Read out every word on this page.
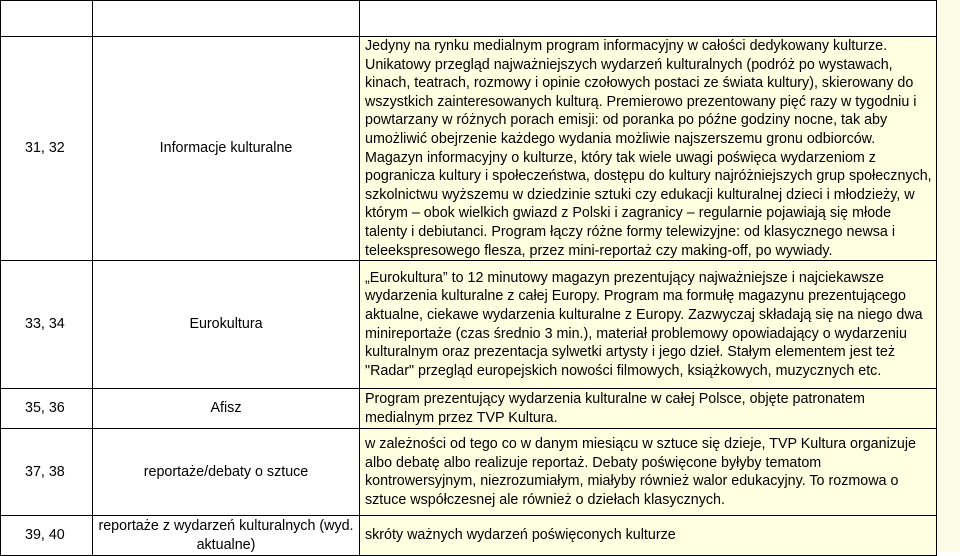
31, 32	Informacje kulturalne	Jedyny na rynku medialnym program informacyjny w całości dedykowany kulturze. Unikatowy przegląd najważniejszych wydarzeń kulturalnych (podróż po wystawach, kinach, teatrach, rozmowy i opinie czołowych postaci ze świata kultury), skierowany do wszystkich zainteresowanych kulturą. Premierowo prezentowany pięć razy w tygodniu i powtarzany w różnych porach emisji: od poranka po późne godziny nocne, tak aby umożliwić obejrzenie każdego wydania możliwie najszerszemu gronu odbiorców. Magazyn informacyjny o kulturze, który tak wiele uwagi poświęca wydarzeniom z pogranicza kultury i społeczeństwa, dostępu do kultury najróżniejszych grup społecznych, szkolnictwu wyższemu w dziedzinie sztuki czy edukacji kulturalnej dzieci i młodzieży, w którym – obok wielkich gwiazd z Polski i zagranicy – regularnie pojawiają się młode talenty i debiutanci. Program łączy różne formy telewizyjne: od klasycznego newsa i teleekspresowego flesza, przez mini-reportaż czy making-off, po wywiady.

33, 34	Eurokultura	„Eurokultura” to 12 minutowy magazyn prezentujący najważniejsze i najciekawsze wydarzenia kulturalne z całej Europy. Program ma formułę magazynu prezentującego aktualne, ciekawe wydarzenia kulturalne z Europy. Zazwyczaj składają się na niego dwa minireportaże (czas średnio 3 min.), materiał problemowy opowiadający o wydarzeniu kulturalnym oraz prezentacja sylwetki artysty i jego dzieł. Stałym elementem jest też "Radar" przegląd europejskich nowości filmowych, książkowych, muzycznych etc.

35, 36	Afisz	Program prezentujący wydarzenia kulturalne w całej Polsce, objęte patronatem medialnym przez TVP Kultura.

37, 38	reportaże/debaty o sztuce	w zależności od tego co w danym miesiącu w sztuce się dzieje, TVP Kultura organizuje albo debatę albo realizuje reportaż. Debaty poświęcone byłyby tematom kontrowersyjnym, niezrozumiałym, miałyby również walor edukacyjny. To rozmowa o sztuce współczesnej ale również o dziełach klasycznych.

39, 40	reportaże z wydarzeń kulturalnych (wyd. aktualne)	skróty ważnych wydarzeń poświęconych kulturze
